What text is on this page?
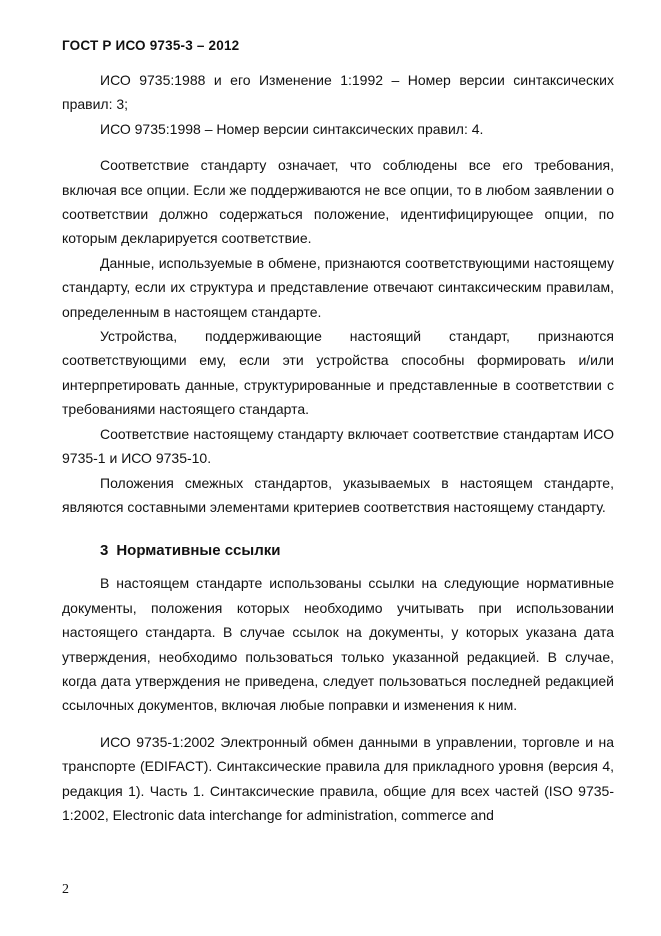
ГОСТ Р ИСО 9735-3 – 2012

ИСО 9735:1988 и его Изменение 1:1992 – Номер версии синтаксических правил: 3;

ИСО 9735:1998 – Номер версии синтаксических правил: 4.

Соответствие стандарту означает, что соблюдены все его требования, включая все опции. Если же поддерживаются не все опции, то в любом заявлении о соответствии должно содержаться положение, идентифицирующее опции, по которым декларируется соответствие.

Данные, используемые в обмене, признаются соответствующими настоящему стандарту, если их структура и представление отвечают синтаксическим правилам, определенным в настоящем стандарте.

Устройства, поддерживающие настоящий стандарт, признаются соответствующими ему, если эти устройства способны формировать и/или интерпретировать данные, структурированные и представленные в соответствии с требованиями настоящего стандарта.

Соответствие настоящему стандарту включает соответствие стандартам ИСО 9735-1 и ИСО 9735-10.

Положения смежных стандартов, указываемых в настоящем стандарте, являются составными элементами критериев соответствия настоящему стандарту.

3 Нормативные ссылки

В настоящем стандарте использованы ссылки на следующие нормативные документы, положения которых необходимо учитывать при использовании настоящего стандарта. В случае ссылок на документы, у которых указана дата утверждения, необходимо пользоваться только указанной редакцией. В случае, когда дата утверждения не приведена, следует пользоваться последней редакцией ссылочных документов, включая любые поправки и изменения к ним.

ИСО 9735-1:2002 Электронный обмен данными в управлении, торговле и на транспорте (EDIFACT). Синтаксические правила для прикладного уровня (версия 4, редакция 1). Часть 1. Синтаксические правила, общие для всех частей (ISO 9735-1:2002, Electronic data interchange for administration, commerce and

2
